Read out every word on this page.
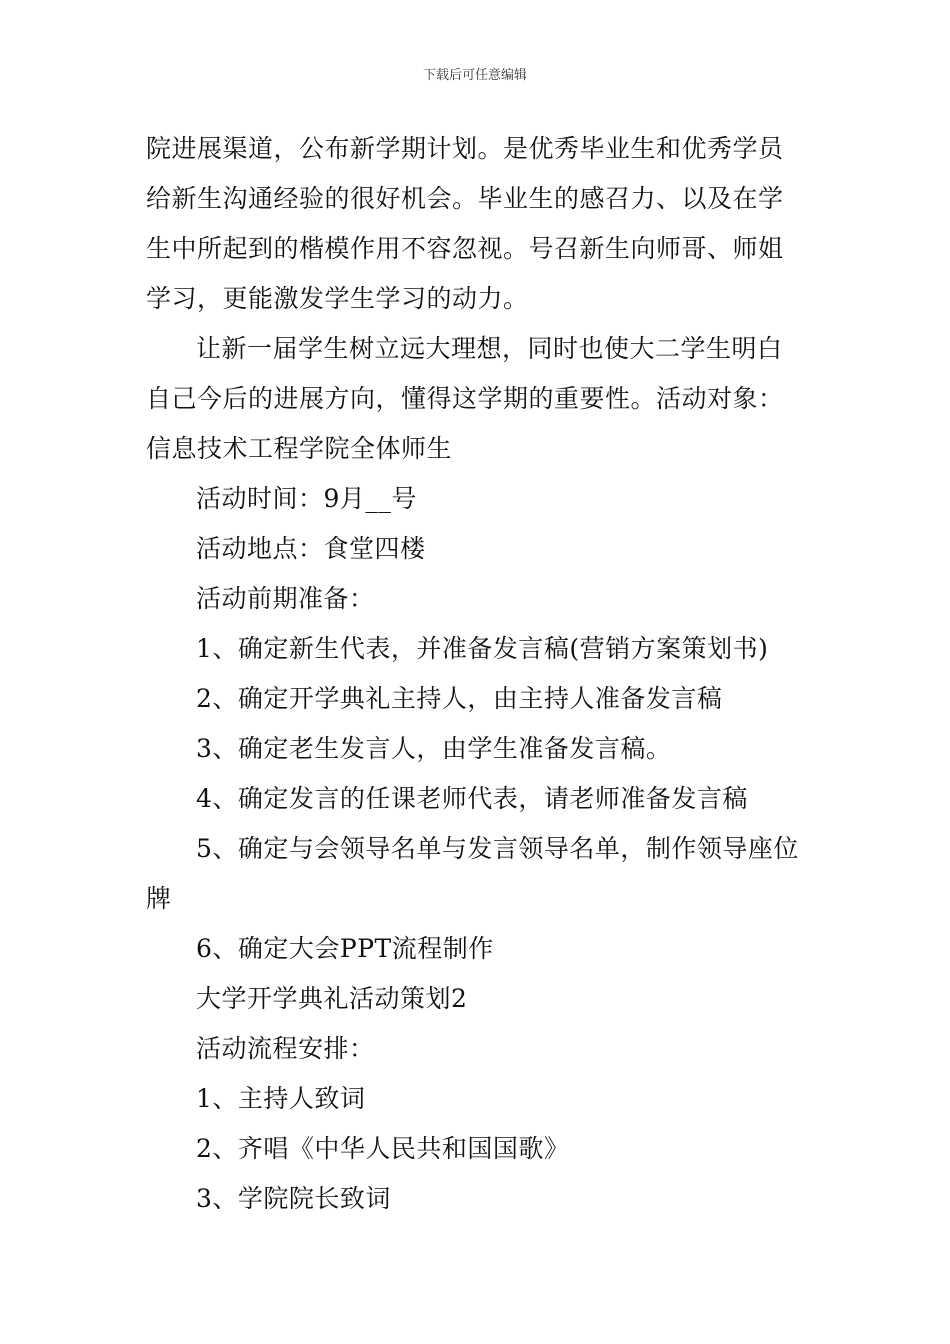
下载后可任意编辑
院进展渠道，公布新学期计划。是优秀毕业生和优秀学员
给新生沟通经验的很好机会。毕业生的感召力、以及在学
生中所起到的楷模作用不容忽视。号召新生向师哥、师姐
学习，更能激发学生学习的动力。
让新一届学生树立远大理想，同时也使大二学生明白
自己今后的进展方向，懂得这学期的重要性。活动对象：
信息技术工程学院全体师生
活动时间：9月__号
活动地点：食堂四楼
活动前期准备：
1、确定新生代表，并准备发言稿(营销方案策划书)
2、确定开学典礼主持人，由主持人准备发言稿
3、确定老生发言人，由学生准备发言稿。
4、确定发言的任课老师代表，请老师准备发言稿
5、确定与会领导名单与发言领导名单，制作领导座位
牌
6、确定大会PPT流程制作
大学开学典礼活动策划2
活动流程安排：
1、主持人致词
2、齐唱《中华人民共和国国歌》
3、学院院长致词
